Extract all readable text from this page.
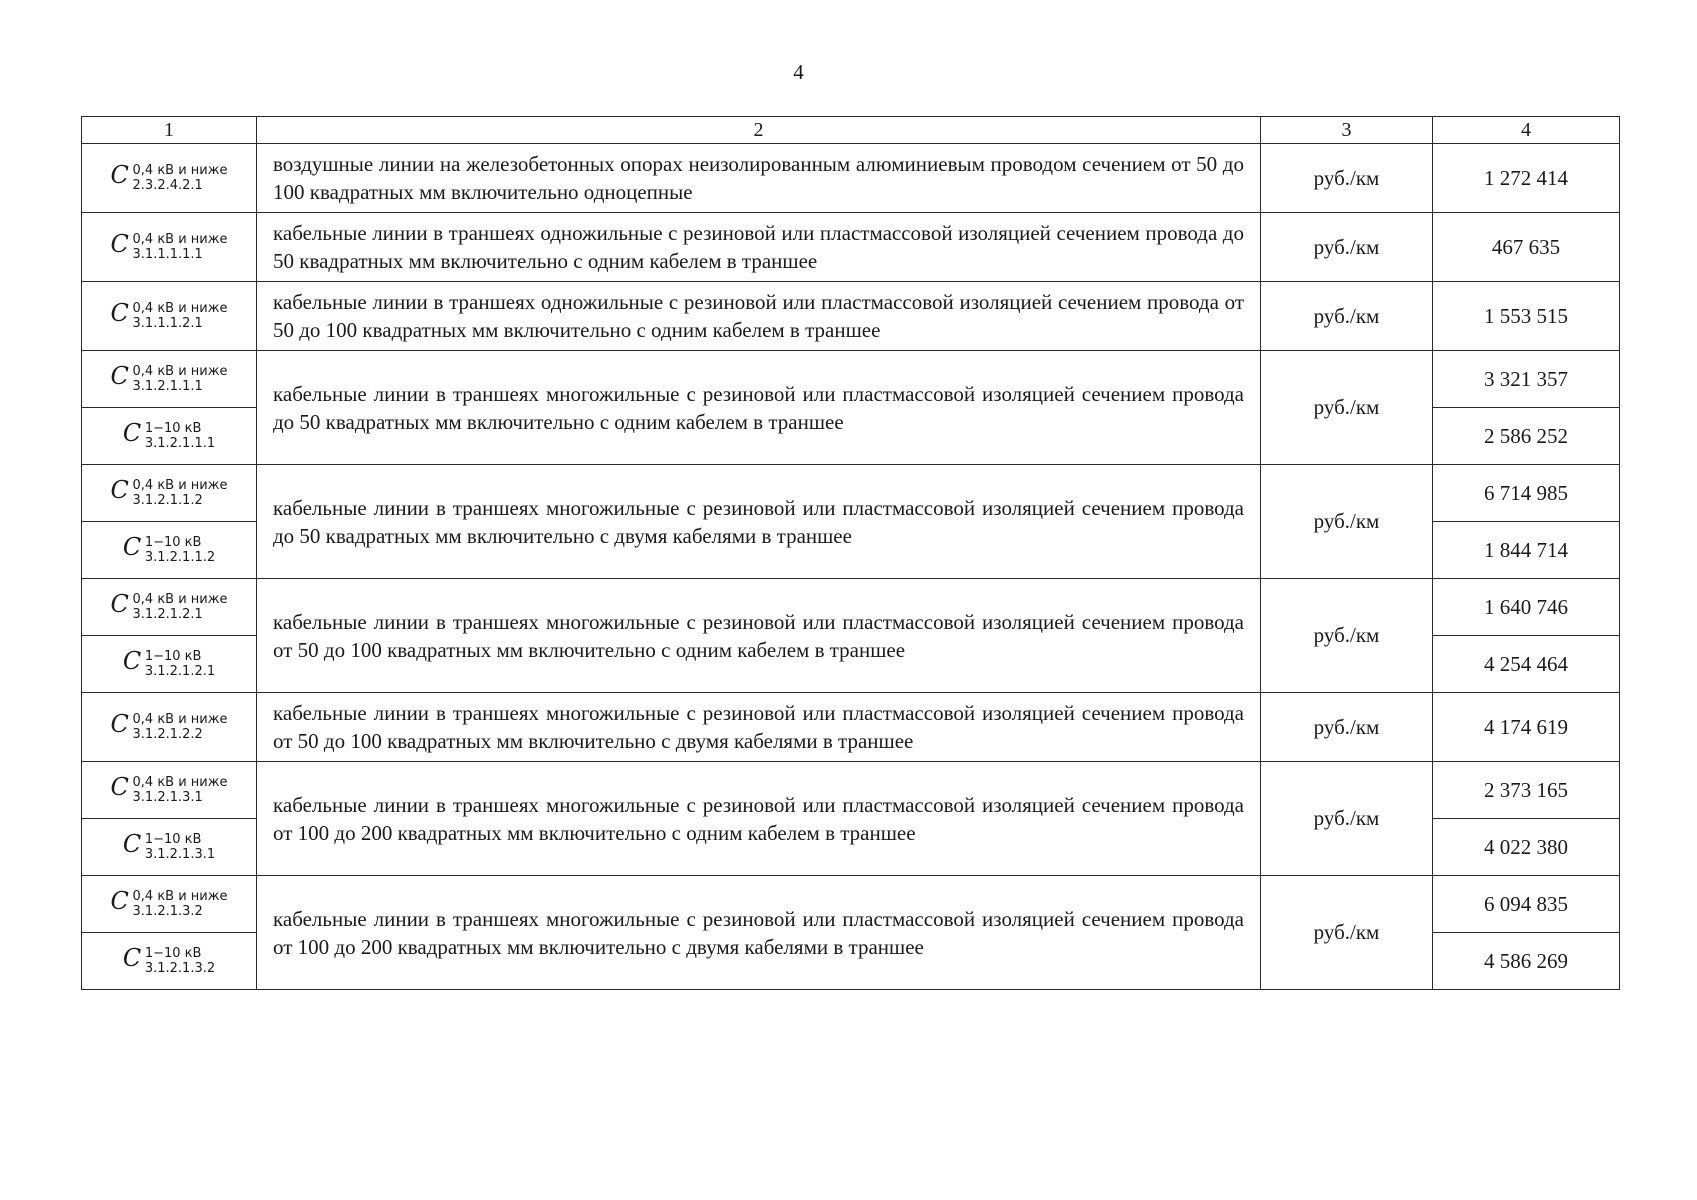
4
1	2	3	4

C 0,4 кВ и ниже
2.3.2.4.2.1	воздушные линии на железобетонных опорах неизолированным алюминиевым проводом сечением от 50 до 100 квадратных мм включительно одноцепные	руб./км	1 272 414

C 0,4 кВ и ниже
3.1.1.1.1.1	кабельные линии в траншеях одножильные с резиновой или пластмассовой изоляцией сечением провода до 50 квадратных мм включительно с одним кабелем в траншее	руб./км	467 635

C 0,4 кВ и ниже
3.1.1.1.2.1	кабельные линии в траншеях одножильные с резиновой или пластмассовой изоляцией сечением провода от 50 до 100 квадратных мм включительно с одним кабелем в траншее	руб./км	1 553 515

C 0,4 кВ и ниже
3.1.2.1.1.1	кабельные линии в траншеях многожильные с резиновой или пластмассовой изоляцией сечением провода до 50 квадратных мм включительно с одним кабелем в траншее	руб./км	3 321 357

C 1−10 кВ
3.1.2.1.1.1			2 586 252

C 0,4 кВ и ниже
3.1.2.1.1.2	кабельные линии в траншеях многожильные с резиновой или пластмассовой изоляцией сечением провода до 50 квадратных мм включительно с двумя кабелями в траншее	руб./км	6 714 985

C 1−10 кВ
3.1.2.1.1.2			1 844 714

C 0,4 кВ и ниже
3.1.2.1.2.1	кабельные линии в траншеях многожильные с резиновой или пластмассовой изоляцией сечением провода от 50 до 100 квадратных мм включительно с одним кабелем в траншее	руб./км	1 640 746

C 1−10 кВ
3.1.2.1.2.1			4 254 464

C 0,4 кВ и ниже
3.1.2.1.2.2	кабельные линии в траншеях многожильные с резиновой или пластмассовой изоляцией сечением провода от 50 до 100 квадратных мм включительно с двумя кабелями в траншее	руб./км	4 174 619

C 0,4 кВ и ниже
3.1.2.1.3.1	кабельные линии в траншеях многожильные с резиновой или пластмассовой изоляцией сечением провода от 100 до 200 квадратных мм включительно с одним кабелем в траншее	руб./км	2 373 165

C 1−10 кВ
3.1.2.1.3.1			4 022 380

C 0,4 кВ и ниже
3.1.2.1.3.2	кабельные линии в траншеях многожильные с резиновой или пластмассовой изоляцией сечением провода от 100 до 200 квадратных мм включительно с двумя кабелями в траншее	руб./км	6 094 835

C 1−10 кВ
3.1.2.1.3.2			4 586 269
